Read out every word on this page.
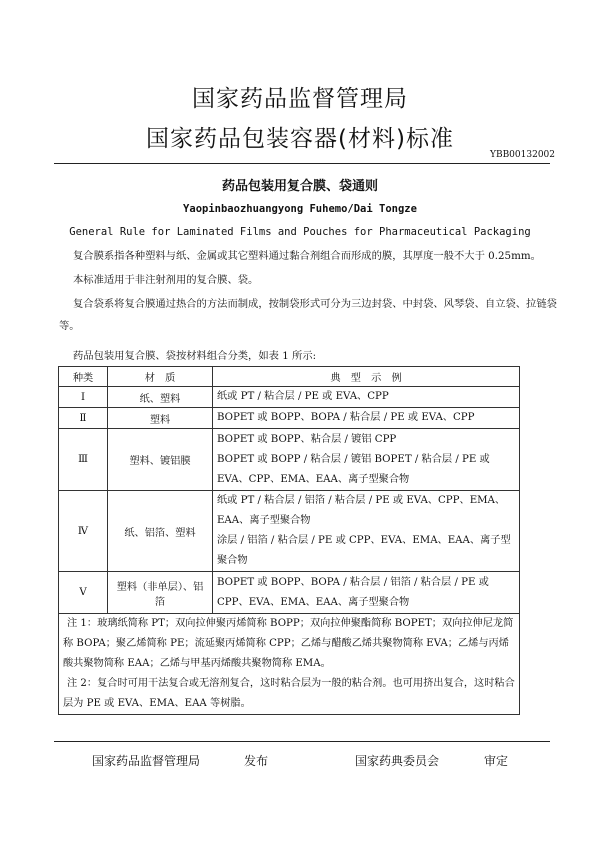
国家药品监督管理局
国家药品包装容器(材料)标准
YBB00132002
药品包装用复合膜、袋通则
Yaopinbaozhuangyong Fuhemo/Dai Tongze
General Rule for Laminated Films and Pouches for Pharmaceutical Packaging
复合膜系指各种塑料与纸、金属或其它塑料通过黏合剂组合而形成的膜，其厚度一般不大于 0.25mm。
本标准适用于非注射剂用的复合膜、袋。
复合袋系将复合膜通过热合的方法而制成，按制袋形式可分为三边封袋、中封袋、风琴袋、自立袋、拉链袋等。
药品包装用复合膜、袋按材料组合分类，如表 1 所示:
种类	材　质	典　型　示　例
Ⅰ	纸、塑料	纸或 PT / 粘合层 / PE 或 EVA、CPP

Ⅱ	塑料	BOPET 或 BOPP、BOPA / 粘合层 / PE 或 EVA、CPP

Ⅲ	塑料、镀铝膜	BOPET 或 BOPP、粘合层 / 镀铝 CPP
BOPET 或 BOPP / 粘合层 / 镀铝 BOPET / 粘合层 / PE 或 EVA、CPP、EMA、EAA、离子型聚合物

Ⅳ	纸、铝箔、塑料	纸或 PT / 粘合层 / 铝箔 / 粘合层 / PE 或 EVA、CPP、EMA、EAA、离子型聚合物
涂层 / 铝箔 / 粘合层 / PE 或 CPP、EVA、EMA、EAA、离子型聚合物

Ⅴ	塑料（非单层）、铝箔	BOPET 或 BOPP、BOPA / 粘合层 / 铝箔 / 粘合层 / PE 或 CPP、EVA、EMA、EAA、离子型聚合物

注 1：玻璃纸简称 PT；双向拉伸聚丙烯简称 BOPP；双向拉伸聚酯简称 BOPET；双向拉伸尼龙简称 BOPA；聚乙烯简称 PE；流延聚丙烯简称 CPP；乙烯与醋酸乙烯共聚物简称 EVA；乙烯与丙烯酸共聚物简称 EAA；乙烯与甲基丙烯酸共聚物简称 EMA。
注 2：复合时可用干法复合或无溶剂复合，这时粘合层为一般的粘合剂。也可用挤出复合，这时粘合层为 PE 或 EVA、EMA、EAA 等树脂。		
国家药品监督管理局	发布	国家药典委员会	审定
